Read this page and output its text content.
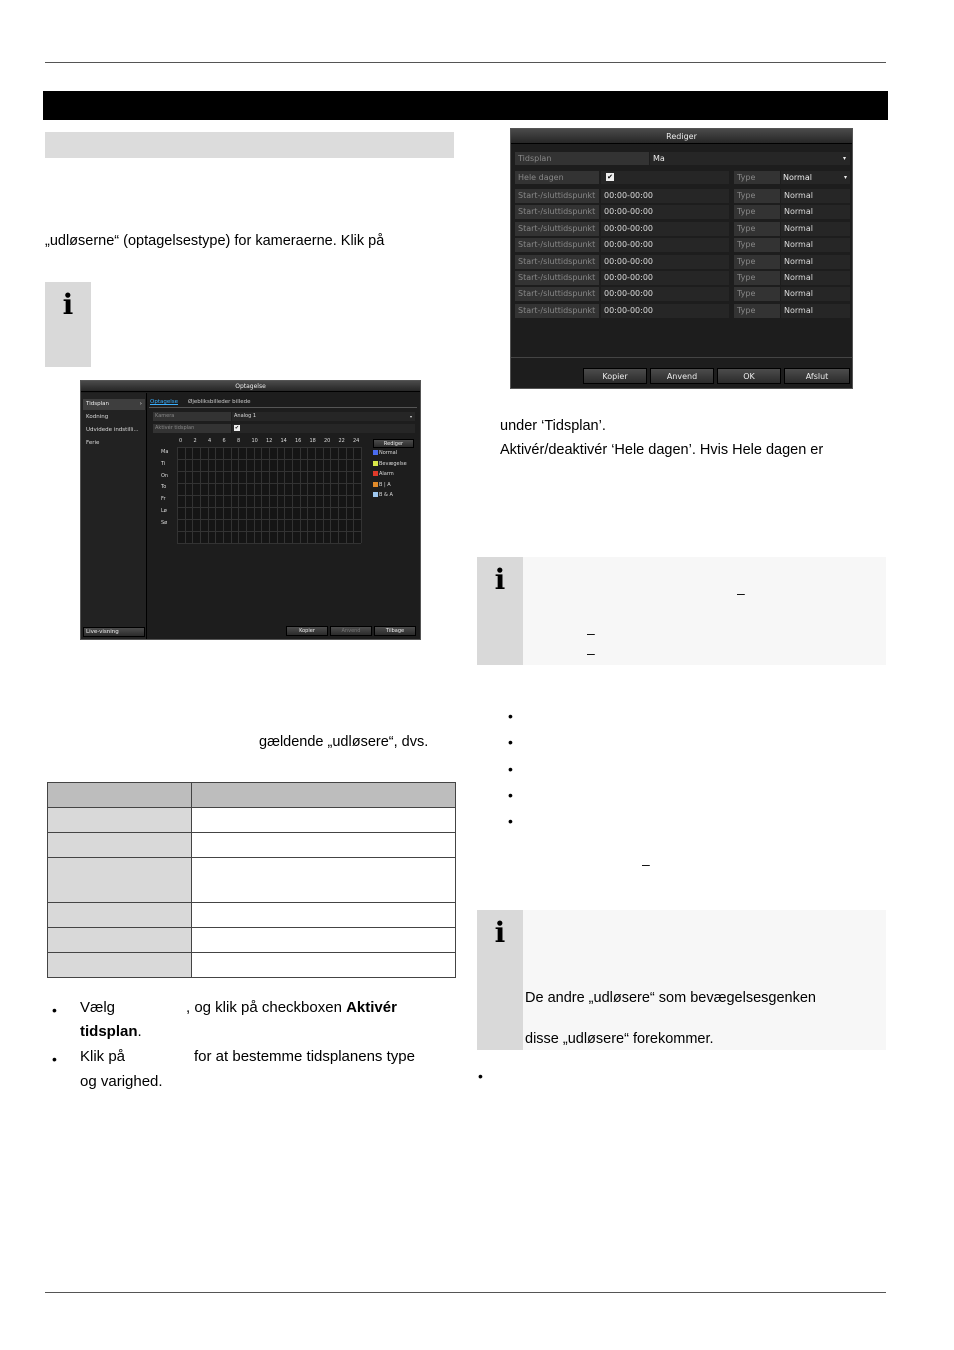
„udløserne“ (optagelsestype) for kameraerne. Klik på
i
Optagelse
Tidsplan	›
Kodning
Udvidede indstilli...
Ferie
Live-visning
Optagelse Øjebliksbilleder billede
Kamera	Analog 1	▾
Aktivér tidsplan	✔
0 2 4 6 8 10 12 14 16 18 20 22 24
Ma
Ti
On
To
Fr
Lø
Sø
Rediger
Normal
Bevægelse
Alarm
B | A
B & A
Kopier	Anvend	Tilbage
gældende „udløsere“, dvs.

• Vælg	, og klik på checkboxen Aktivér
tidsplan.
• Klik på	for at bestemme tidsplanens type
og varighed.
Rediger
Tidsplan	Ma	▾
Hele dagen	✔	Type	Normal	▾
Start-/sluttidspunkt	00:00-00:00	Type	Normal
Start-/sluttidspunkt	00:00-00:00	Type	Normal
Start-/sluttidspunkt	00:00-00:00	Type	Normal
Start-/sluttidspunkt	00:00-00:00	Type	Normal
Start-/sluttidspunkt	00:00-00:00	Type	Normal
Start-/sluttidspunkt	00:00-00:00	Type	Normal
Start-/sluttidspunkt	00:00-00:00	Type	Normal
Start-/sluttidspunkt	00:00-00:00	Type	Normal
Kopier	Anvend	OK	Afslut
under ‘Tidsplan’.
Aktivér/deaktivér ‘Hele dagen’. Hvis Hele dagen er
i	–
–
–
•
•
•
•
•
–
i
De andre „udløsere“ som bevægelsesgenken
disse „udløsere“ forekommer.
•
